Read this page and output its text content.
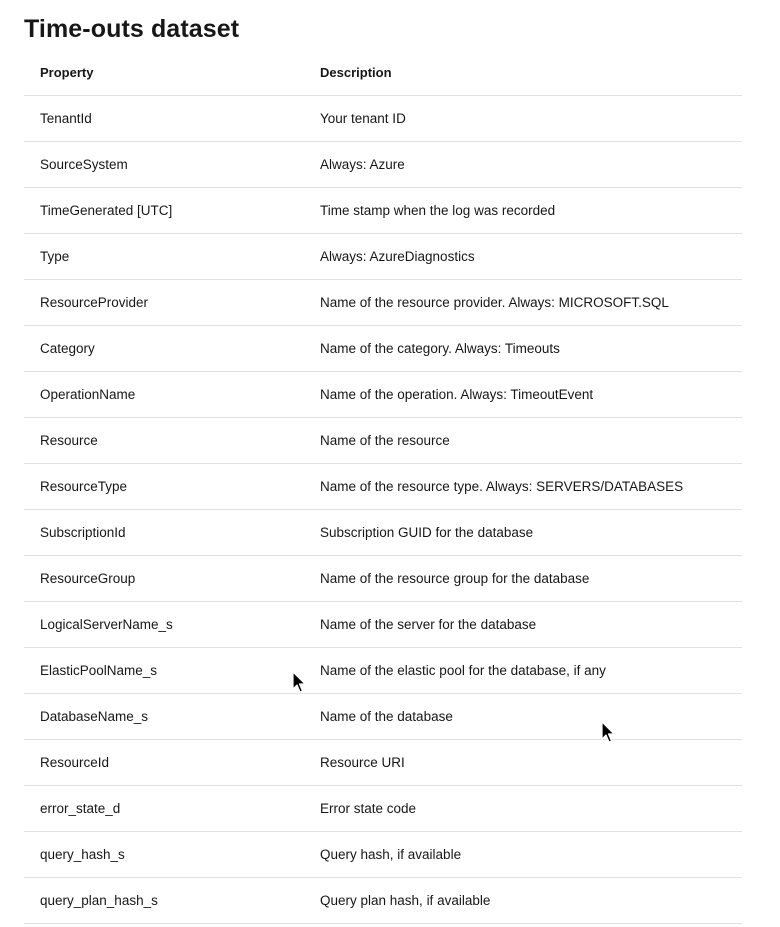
Time-outs dataset
Property	Description
TenantId	Your tenant ID
SourceSystem	Always: Azure
TimeGenerated [UTC]	Time stamp when the log was recorded
Type	Always: AzureDiagnostics
ResourceProvider	Name of the resource provider. Always: MICROSOFT.SQL
Category	Name of the category. Always: Timeouts
OperationName	Name of the operation. Always: TimeoutEvent
Resource	Name of the resource
ResourceType	Name of the resource type. Always: SERVERS/DATABASES
SubscriptionId	Subscription GUID for the database
ResourceGroup	Name of the resource group for the database
LogicalServerName_s	Name of the server for the database
ElasticPoolName_s	Name of the elastic pool for the database, if any
DatabaseName_s	Name of the database
ResourceId	Resource URI
error_state_d	Error state code
query_hash_s	Query hash, if available
query_plan_hash_s	Query plan hash, if available
